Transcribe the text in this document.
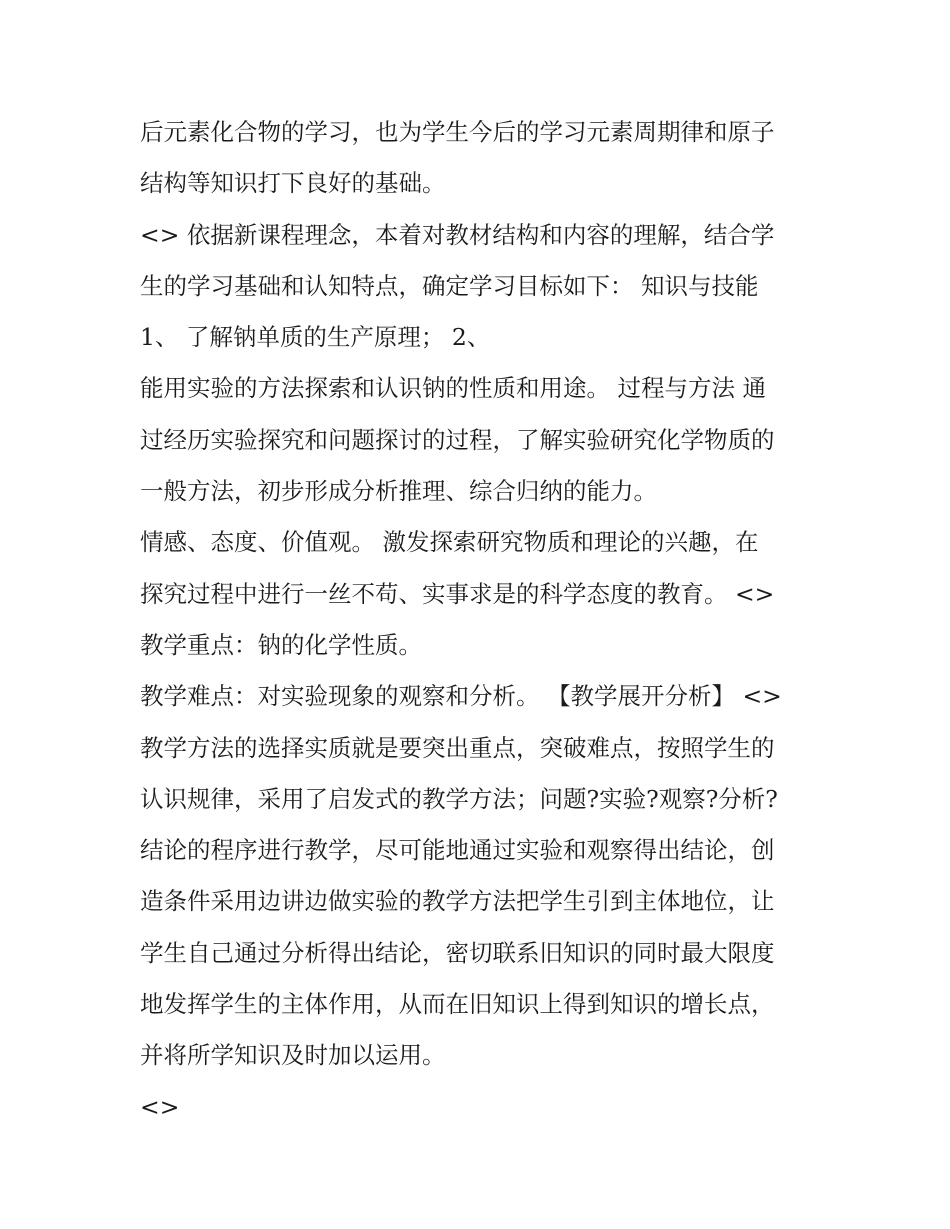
后元素化合物的学习，也为学生今后的学习元素周期律和原子
结构等知识打下良好的基础。
<> 依据新课程理念，本着对教材结构和内容的理解，结合学
生的学习基础和认知特点，确定学习目标如下： 知识与技能
1、 了解钠单质的生产原理； 2、
能用实验的方法探索和认识钠的性质和用途。 过程与方法 通
过经历实验探究和问题探讨的过程，了解实验研究化学物质的
一般方法，初步形成分析推理、综合归纳的能力。
情感、态度、价值观。 激发探索研究物质和理论的兴趣，在
探究过程中进行一丝不苟、实事求是的科学态度的教育。 <>
教学重点：钠的化学性质。
教学难点：对实验现象的观察和分析。 【教学展开分析】 <>
教学方法的选择实质就是要突出重点，突破难点，按照学生的
认识规律，采用了启发式的教学方法；问题?实验?观察?分析?
结论的程序进行教学，尽可能地通过实验和观察得出结论，创
造条件采用边讲边做实验的教学方法把学生引到主体地位，让
学生自己通过分析得出结论，密切联系旧知识的同时最大限度
地发挥学生的主体作用，从而在旧知识上得到知识的增长点，
并将所学知识及时加以运用。
<>
